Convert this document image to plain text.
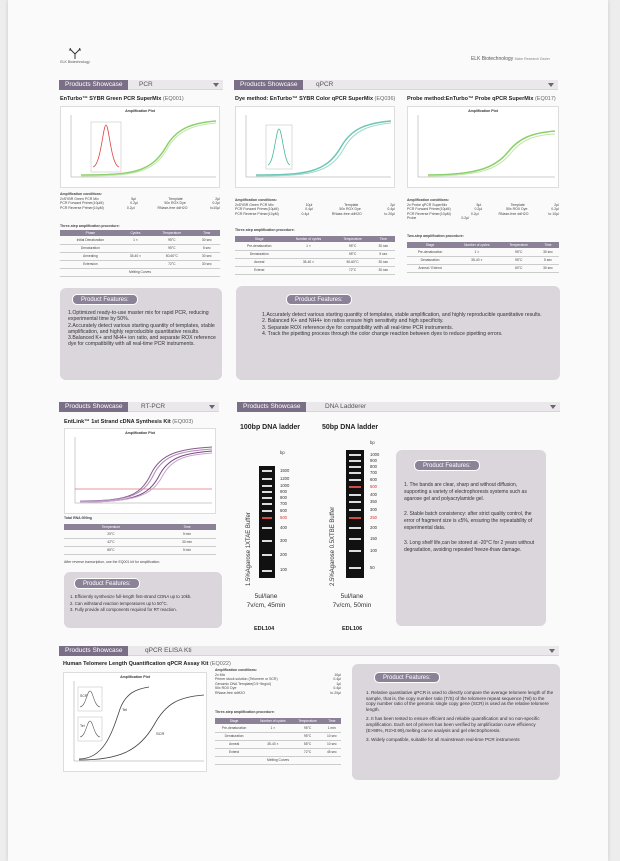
ELK Biotechnology	ELK Biotechnology Make Research Easier
Products Showcase	PCR
EnTurbo™ SYBR Green PCR SuperMix (EQ001)
Amplification Plot
Amplification conditions:
2xSYBR Green PCR Mix	5μl	Template	2μl
PCR Forward Primer(10μM)	0.2μl	50x ROX Dye	0.2μl
PCR Reverse Primer(10μM)	0.2μl	RNase-free ddH2O	to10μl
Three-step amplification procedure:
Phase	Cycles	Temperature	Time
Initial Denaturation	1 ×	95°C	30 sec
Denaturation		95°C	5 sec
Annealing	35-40 ×	50-60°C	30 sec
Extension		72°C	30 sec
Melting Curves			
Product Features:
1.Optimized ready-to-use master mix for rapid PCR, reducing experimental time by 50%.
2.Accurately detect various starting quantity of templates, stable amplification, and highly reproducible quantitative results.
3.Balanced K+ and NH4+ ion ratio, and separate ROX reference dye for compatibility with all real-time PCR instruments.
Products Showcase	qPCR
Dye method: EnTurbo™ SYBR Color qPCR SuperMix (EQ036) Probe method:EnTurbo™ Probe qPCR SuperMix (EQ017)
Amplification Plot
Amplification conditions:
2xSYBR Green PCR Mix	10μl	Template	2μl
PCR Forward Primer(10μM)	0.4μl	50x ROX Dye	0.4μl
PCR Reverse Primer(10μM)	0.4μl	RNase-free ddH2O	to 20μl
Amplification conditions:
2x Probe qPCR SuperMix	5μl	Template	2μl
PCR Forward Primer(10μM)	0.2μl	50x ROX Dye	0.2μl
PCR Reverse Primer(10μM)	0.2μl	RNase-free ddH2O	to 10μl
Probe	0.2μl
Three-step amplification procedure:
Stage	Number of cycles	Temperature	Time
Pre-denaturation	1 ×	95°C	30 sec
Denaturation		95°C	5 sec
Anneal	35-40 ×	50-60°C	30 sec
Extend		72°C	30 sec
Two-step amplification procedure:
Stage	Number of cycles	Temperature	Time
Pre-denaturation	1 ×	95°C	30 sec
Denaturation	35-40 ×	95°C	5 sec
Anneal / Extend		60°C	30 sec
Product Features:
1.Accurately detect various starting quantity of templates, stable amplification, and highly reproducible quantitative results.
2. Balanced K+ and NH4+ ion ratios ensure high sensitivity and high specificity.
3. Separate ROX reference dye for compatibility with all real-time PCR instruments.
4. Track the pipetting process through the color change reaction between dyes to reduce pipetting errors.
Products Showcase	RT-PCR
EntLink™ 1st Strand cDNA Synthesis Kit (EQ003)
Amplification Plot
Total RNA:500ng
Temperature	Time
25°C	5 min
42°C	30 min
85°C	5 min
After reverse transcription, use the EQ001 kit for amplification.
Product Features:
1. Efficiently synthesize full-length first-strand CDNA up to 10kb.
2. Can withstand reaction temperatures up to 50°C.
3. Fully provide all components required for RT reaction.
Products Showcase	DNA Ladderer
100bp DNA ladder	50bp DNA ladder
1.5%Agarose 1XTAE Buffer	2.5%Agarose 0.5XTBE Buffer
bp
1500
1200
1000
900
800
700
600
500
400
300
200
100
bp
1000
900
800
700
600
500
400
350
300
250
200
150
100
50
5ul/lane
7v/cm, 45min
5ul/lane
7v/cm, 50min
EDL104	EDL106
Product Features:
1. The bands are clear, sharp and without diffusion, supporting a variety of electrophoresis systems such as agarose gel and polyacrylamide gel.
2. Stable batch consistency: after strict quality control, the error of fragment size is ≤5%, ensuring the repeatability of experimental data.
3. Long shelf life,can be stored at -20°C for 2 years without degradation, avoiding repeated freeze-thaw damage.
Products Showcase	qPCR ELISA Kti
Human Telomere Length Quantification qPCR Assay Kit (EQ022)
Amplification Plot
SCR
Tel
Tel
SCR
Amplification conditions:
2x Mix	10μl
Primer stock solution (Telomere or SCR)	0.4μl
Genomic DNA Template(0.5~5ng/ul)	1μl
50x ROX Dye	0.4μl
RNase-free ddH2O	to 20μl
Three-step amplification procedure:
Stage	Number of cycles	Temperature	Time
Pre-denaturation	1 ×	95°C	1 min
Denaturation		95°C	10 sec
Anneal	35-40 ×	55°C	10 sec
Extend		72°C	45 sec
Melting Curves			
Product Features:
1. Relative quantitative qPCR is used to directly compare the average telomere length of the sample, that is, the copy number ratio (T/S) of the telomere repeat sequence (Tel) to the copy number ratio of the genomic single copy gene (SCR) is used as the relative telomere length.
2. It has been tested to ensure efficient and reliable quantification and no non-specific amplification. Each set of primers has been verified by amplification curve efficiency (E>98%, R2>0.99),melting curve analysis and gel electrophoresis.
3. Widely compatible, suitable for all mainstream real-time PCR instruments
